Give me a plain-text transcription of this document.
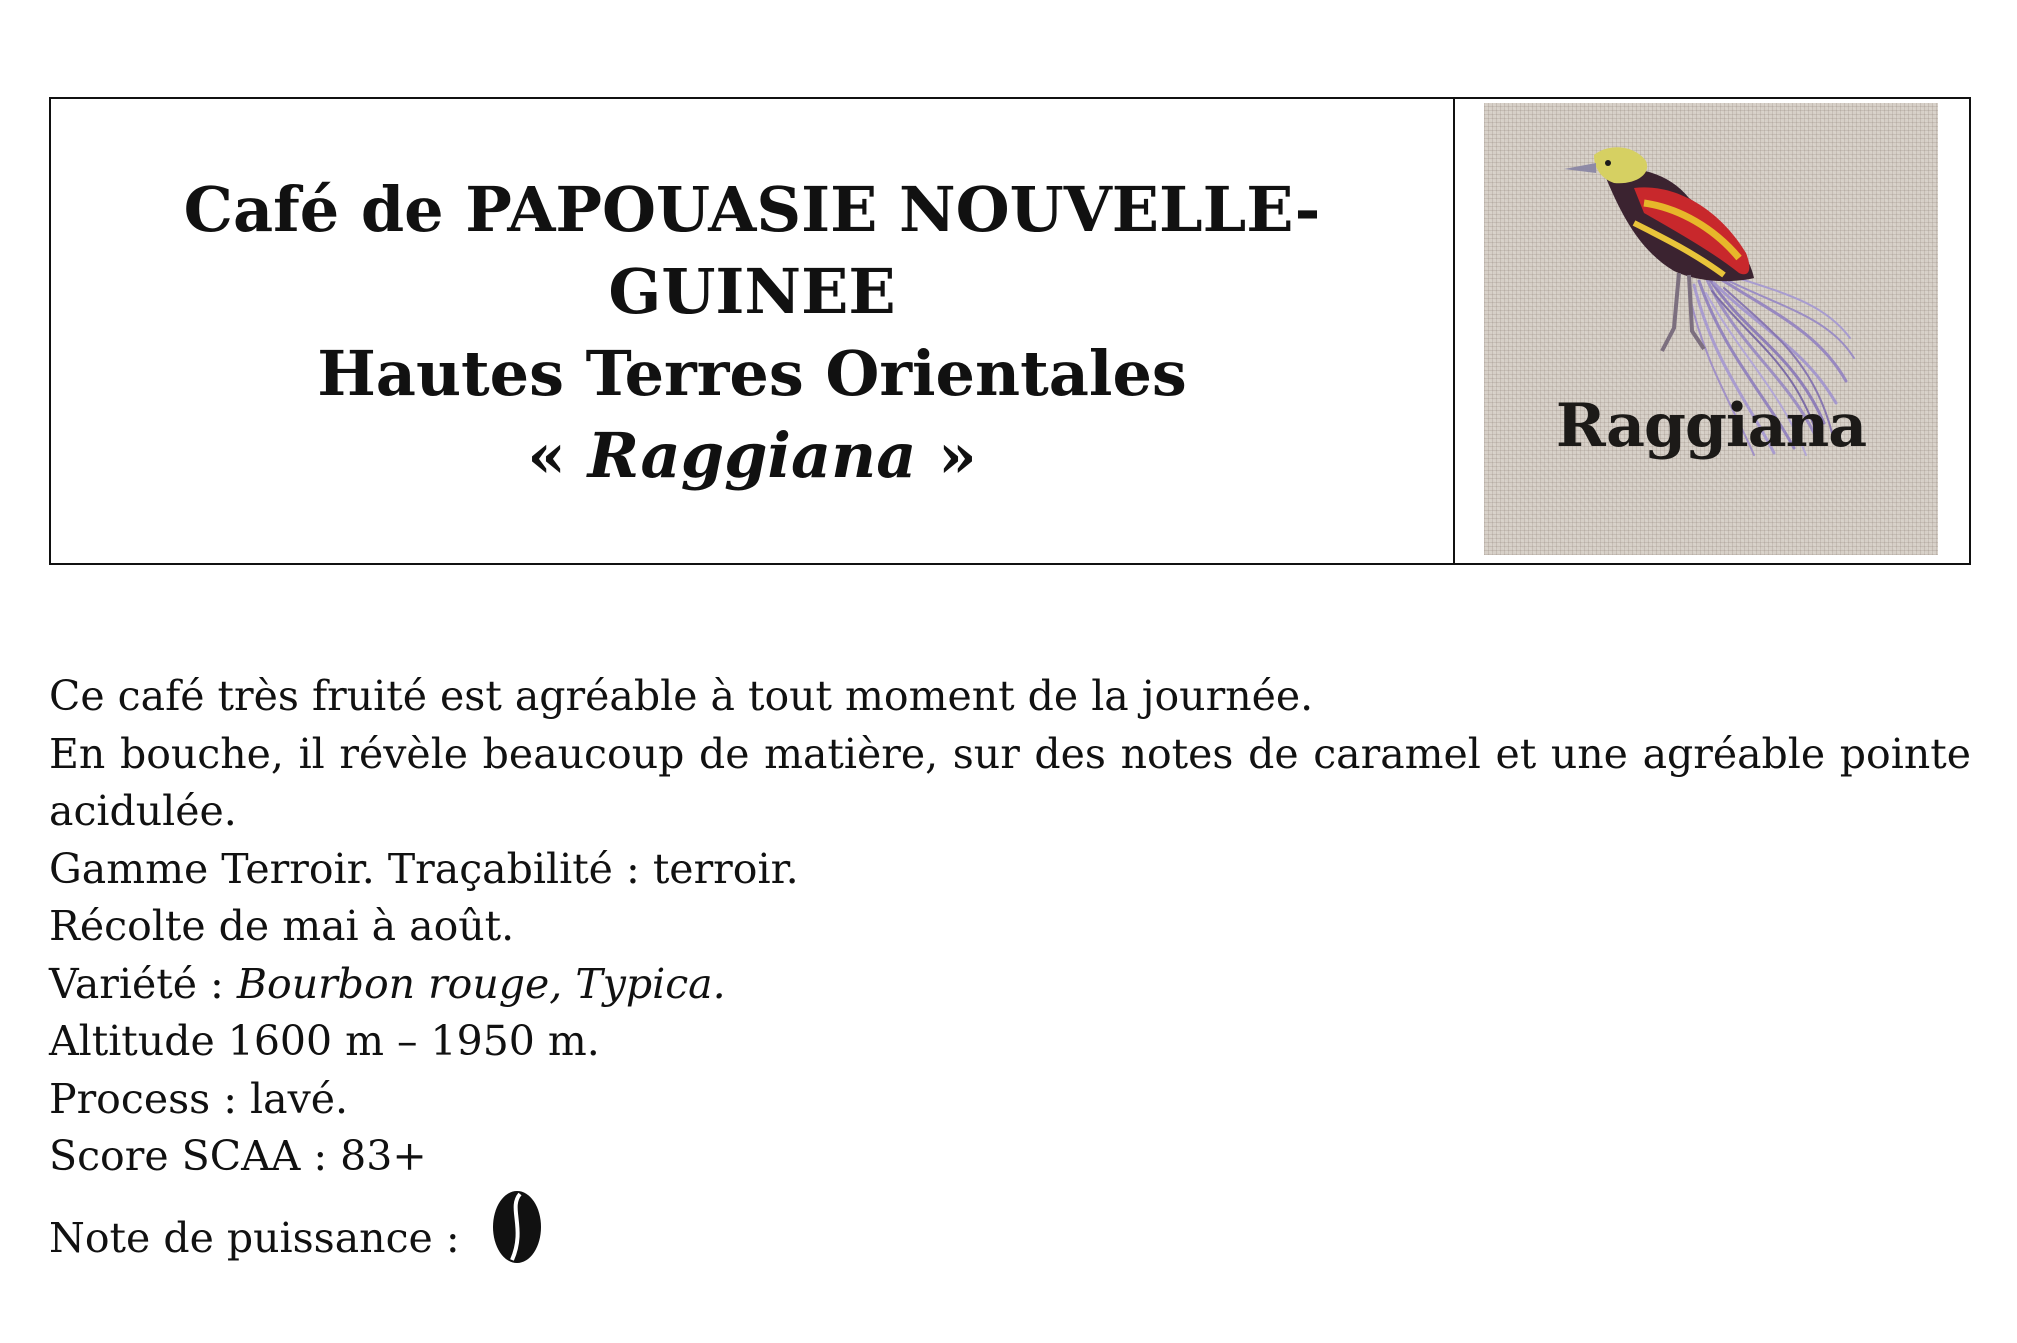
Café de PAPOUASIE NOUVELLE-
GUINEE
Hautes Terres Orientales
« Raggiana »	Raggiana

Ce café très fruité est agréable à tout moment de la journée.

En bouche, il révèle beaucoup de matière, sur des notes de caramel et une agréable pointe acidulée.

Gamme Terroir. Traçabilité : terroir.

Récolte de mai à août.

Variété : Bourbon rouge, Typica.

Altitude 1600 m – 1950 m.

Process : lavé.

Score SCAA : 83+

Note de puissance :
